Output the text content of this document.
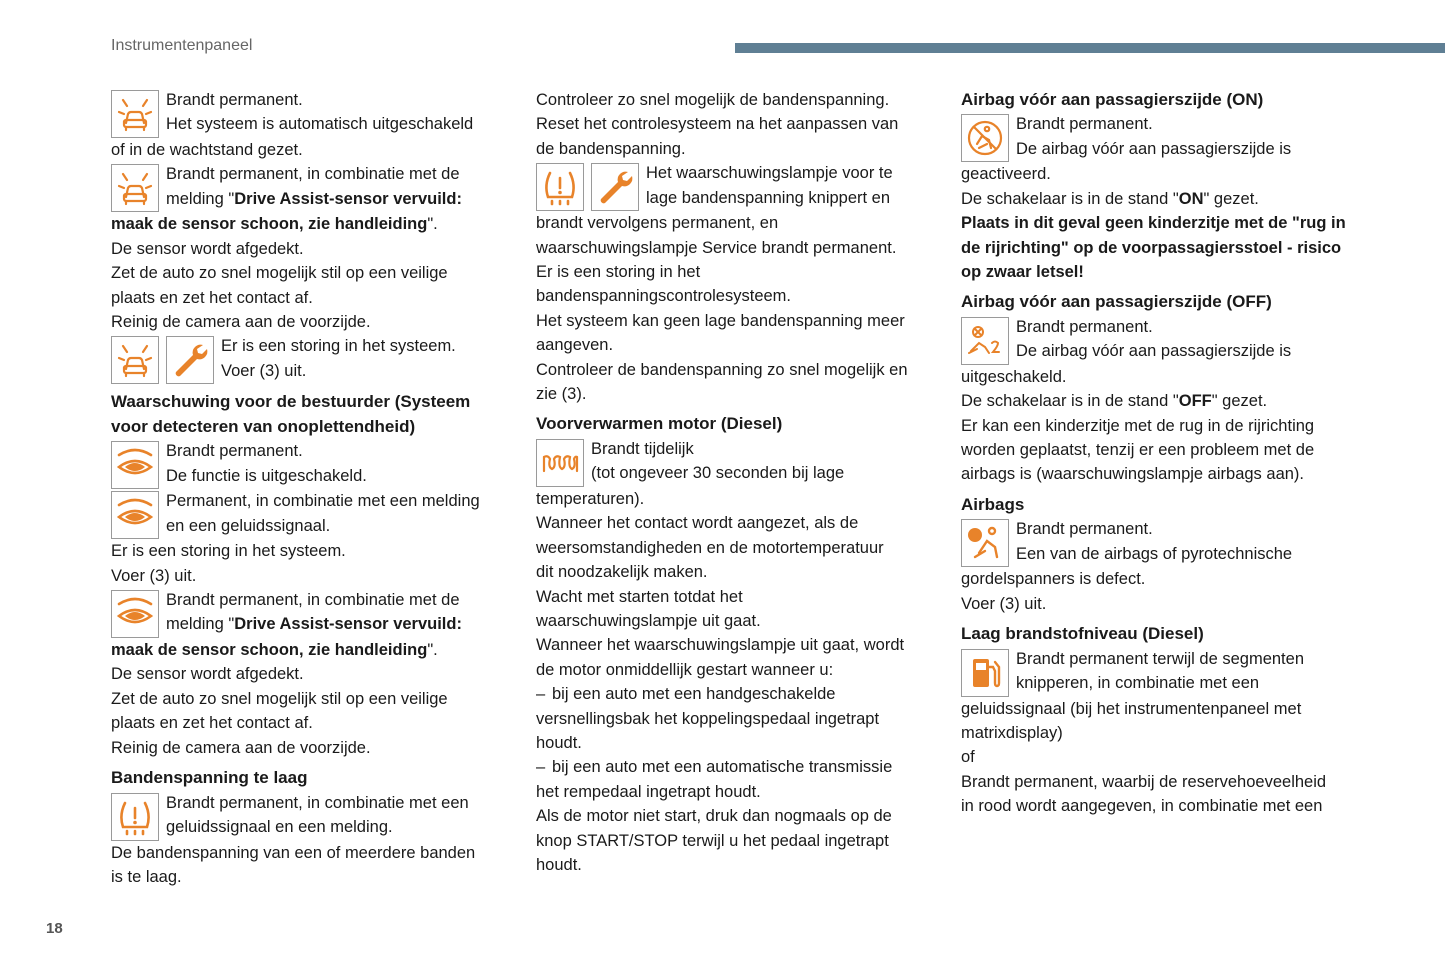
Instrumentenpaneel
18

Brandt permanent.

Het systeem is automatisch uitgeschakeld

of in de wachtstand gezet.

Brandt permanent, in combinatie met de

melding "Drive Assist-sensor vervuild:

maak de sensor schoon, zie handleiding".

De sensor wordt afgedekt.

Zet de auto zo snel mogelijk stil op een veilige

plaats en zet het contact af.

Reinig de camera aan de voorzijde.

Er is een storing in het systeem.

Voer (3) uit.

Waarschuwing voor de bestuurder (Systeem voor detecteren van onoplettendheid)

Brandt permanent.

De functie is uitgeschakeld.

Permanent, in combinatie met een melding

en een geluidssignaal.

Er is een storing in het systeem.

Voer (3) uit.

Brandt permanent, in combinatie met de

melding "Drive Assist-sensor vervuild:

maak de sensor schoon, zie handleiding".

De sensor wordt afgedekt.

Zet de auto zo snel mogelijk stil op een veilige

plaats en zet het contact af.

Reinig de camera aan de voorzijde.

Bandenspanning te laag

Brandt permanent, in combinatie met een

geluidssignaal en een melding.

De bandenspanning van een of meerdere banden

is te laag.

Controleer zo snel mogelijk de bandenspanning.

Reset het controlesysteem na het aanpassen van

de bandenspanning.

Het waarschuwingslampje voor te

lage bandenspanning knippert en

brandt vervolgens permanent, en

waarschuwingslampje Service brandt permanent.

Er is een storing in het

bandenspanningscontrolesysteem.

Het systeem kan geen lage bandenspanning meer

aangeven.

Controleer de bandenspanning zo snel mogelijk en

zie (3).

Voorverwarmen motor (Diesel)

Brandt tijdelijk

(tot ongeveer 30 seconden bij lage

temperaturen).

Wanneer het contact wordt aangezet, als de

weersomstandigheden en de motortemperatuur

dit noodzakelijk maken.

Wacht met starten totdat het

waarschuwingslampje uit gaat.

Wanneer het waarschuwingslampje uit gaat, wordt

de motor onmiddellijk gestart wanneer u:

– bij een auto met een handgeschakelde

versnellingsbak het koppelingspedaal ingetrapt

houdt.

– bij een auto met een automatische transmissie

het rempedaal ingetrapt houdt.

Als de motor niet start, druk dan nogmaals op de

knop START/STOP terwijl u het pedaal ingetrapt

houdt.

Airbag vóór aan passagierszijde (ON)

Brandt permanent.

De airbag vóór aan passagierszijde is

geactiveerd.

De schakelaar is in de stand "ON" gezet.

Plaats in dit geval geen kinderzitje met de "rug in

de rijrichting" op de voorpassagiersstoel - risico

op zwaar letsel!

Airbag vóór aan passagierszijde (OFF)

Brandt permanent.

De airbag vóór aan passagierszijde is

uitgeschakeld.

De schakelaar is in de stand "OFF" gezet.

Er kan een kinderzitje met de rug in de rijrichting

worden geplaatst, tenzij er een probleem met de

airbags is (waarschuwingslampje airbags aan).

Airbags

Brandt permanent.

Een van de airbags of pyrotechnische

gordelspanners is defect.

Voer (3) uit.

Laag brandstofniveau (Diesel)

Brandt permanent terwijl de segmenten

knipperen, in combinatie met een

geluidssignaal (bij het instrumentenpaneel met

matrixdisplay)

of

Brandt permanent, waarbij de reservehoeveelheid

in rood wordt aangegeven, in combinatie met een
